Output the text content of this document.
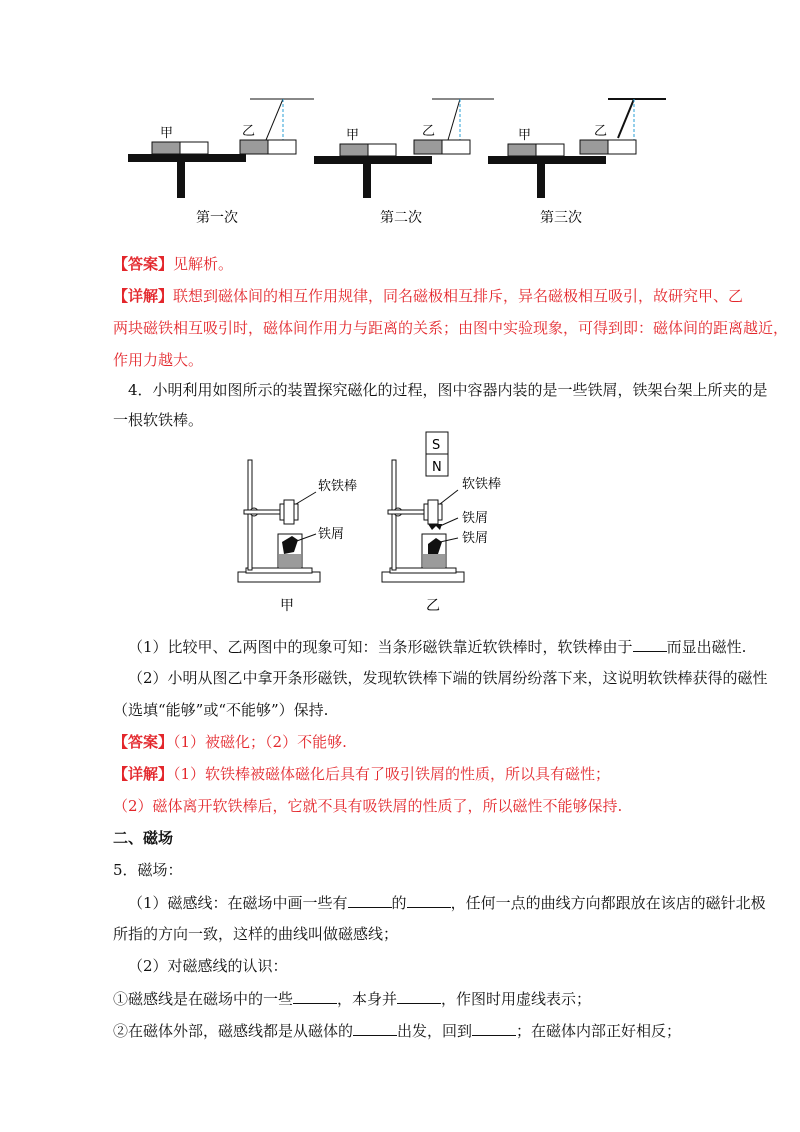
甲	乙	甲	乙	甲	乙
第一次	第二次	第三次
【答案】见解析。
【详解】联想到磁体间的相互作用规律，同名磁极相互排斥，异名磁极相互吸引，故研究甲、乙
两块磁铁相互吸引时，磁体间作用力与距离的关系；由图中实验现象，可得到即：磁体间的距离越近，
作用力越大。
4．小明利用如图所示的装置探究磁化的过程，图中容器内装的是一些铁屑，铁架台架上所夹的是
一根软铁棒。
软铁棒
铁屑
甲
S
N
软铁棒
铁屑
铁屑
乙
（1）比较甲、乙两图中的现象可知：当条形磁铁靠近软铁棒时，软铁棒由于 而显出磁性.
（2）小明从图乙中拿开条形磁铁，发现软铁棒下端的铁屑纷纷落下来，这说明软铁棒获得的磁性
（选填“能够”或“不能够”）保持.
【答案】（1）被磁化；（2）不能够.
【详解】（1）软铁棒被磁体磁化后具有了吸引铁屑的性质，所以具有磁性；
（2）磁体离开软铁棒后，它就不具有吸铁屑的性质了，所以磁性不能够保持.
二、磁场
5．磁场：
（1）磁感线：在磁场中画一些有	的	，任何一点的曲线方向都跟放在该店的磁针北极
所指的方向一致，这样的曲线叫做磁感线；
（2）对磁感线的认识：
①磁感线是在磁场中的一些	，本身并	，作图时用虚线表示；
②在磁体外部，磁感线都是从磁体的	出发，回到	；在磁体内部正好相反；
